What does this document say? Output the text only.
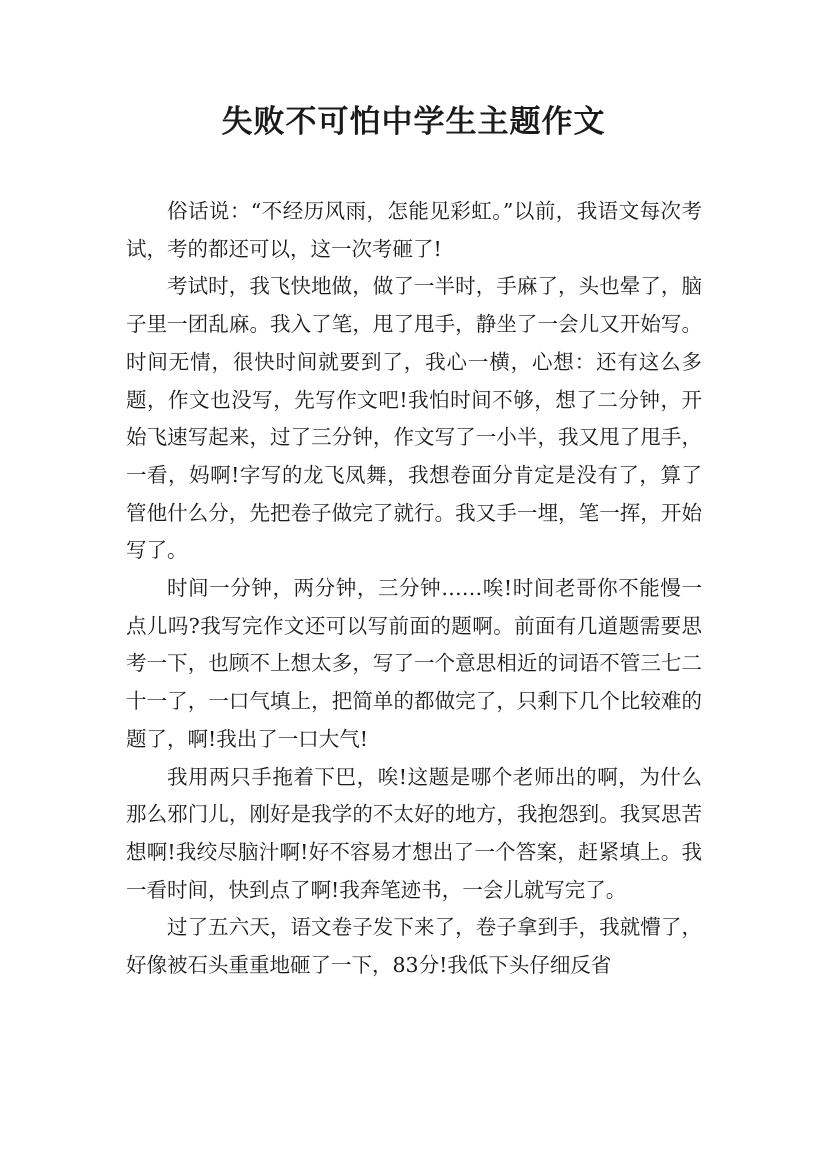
失败不可怕中学生主题作文

俗话说：“不经历风雨，怎能见彩虹。”以前，我语文每次考试，考的都还可以，这一次考砸了!

考试时，我飞快地做，做了一半时，手麻了，头也晕了，脑子里一团乱麻。我入了笔，甩了甩手，静坐了一会儿又开始写。时间无情，很快时间就要到了，我心一横，心想：还有这么多题，作文也没写，先写作文吧!我怕时间不够，想了二分钟，开始飞速写起来，过了三分钟，作文写了一小半，我又甩了甩手，一看，妈啊!字写的龙飞凤舞，我想卷面分肯定是没有了，算了管他什么分，先把卷子做完了就行。我又手一埋，笔一挥，开始写了。

时间一分钟，两分钟，三分钟……唉!时间老哥你不能慢一点儿吗?我写完作文还可以写前面的题啊。前面有几道题需要思考一下，也顾不上想太多，写了一个意思相近的词语不管三七二十一了，一口气填上，把简单的都做完了，只剩下几个比较难的题了，啊!我出了一口大气!

我用两只手拖着下巴，唉!这题是哪个老师出的啊，为什么那么邪门儿，刚好是我学的不太好的地方，我抱怨到。我冥思苦想啊!我绞尽脑汁啊!好不容易才想出了一个答案，赶紧填上。我一看时间，快到点了啊!我奔笔迹书，一会儿就写完了。

过了五六天，语文卷子发下来了，卷子拿到手，我就懵了，好像被石头重重地砸了一下，83分!我低下头仔细反省
